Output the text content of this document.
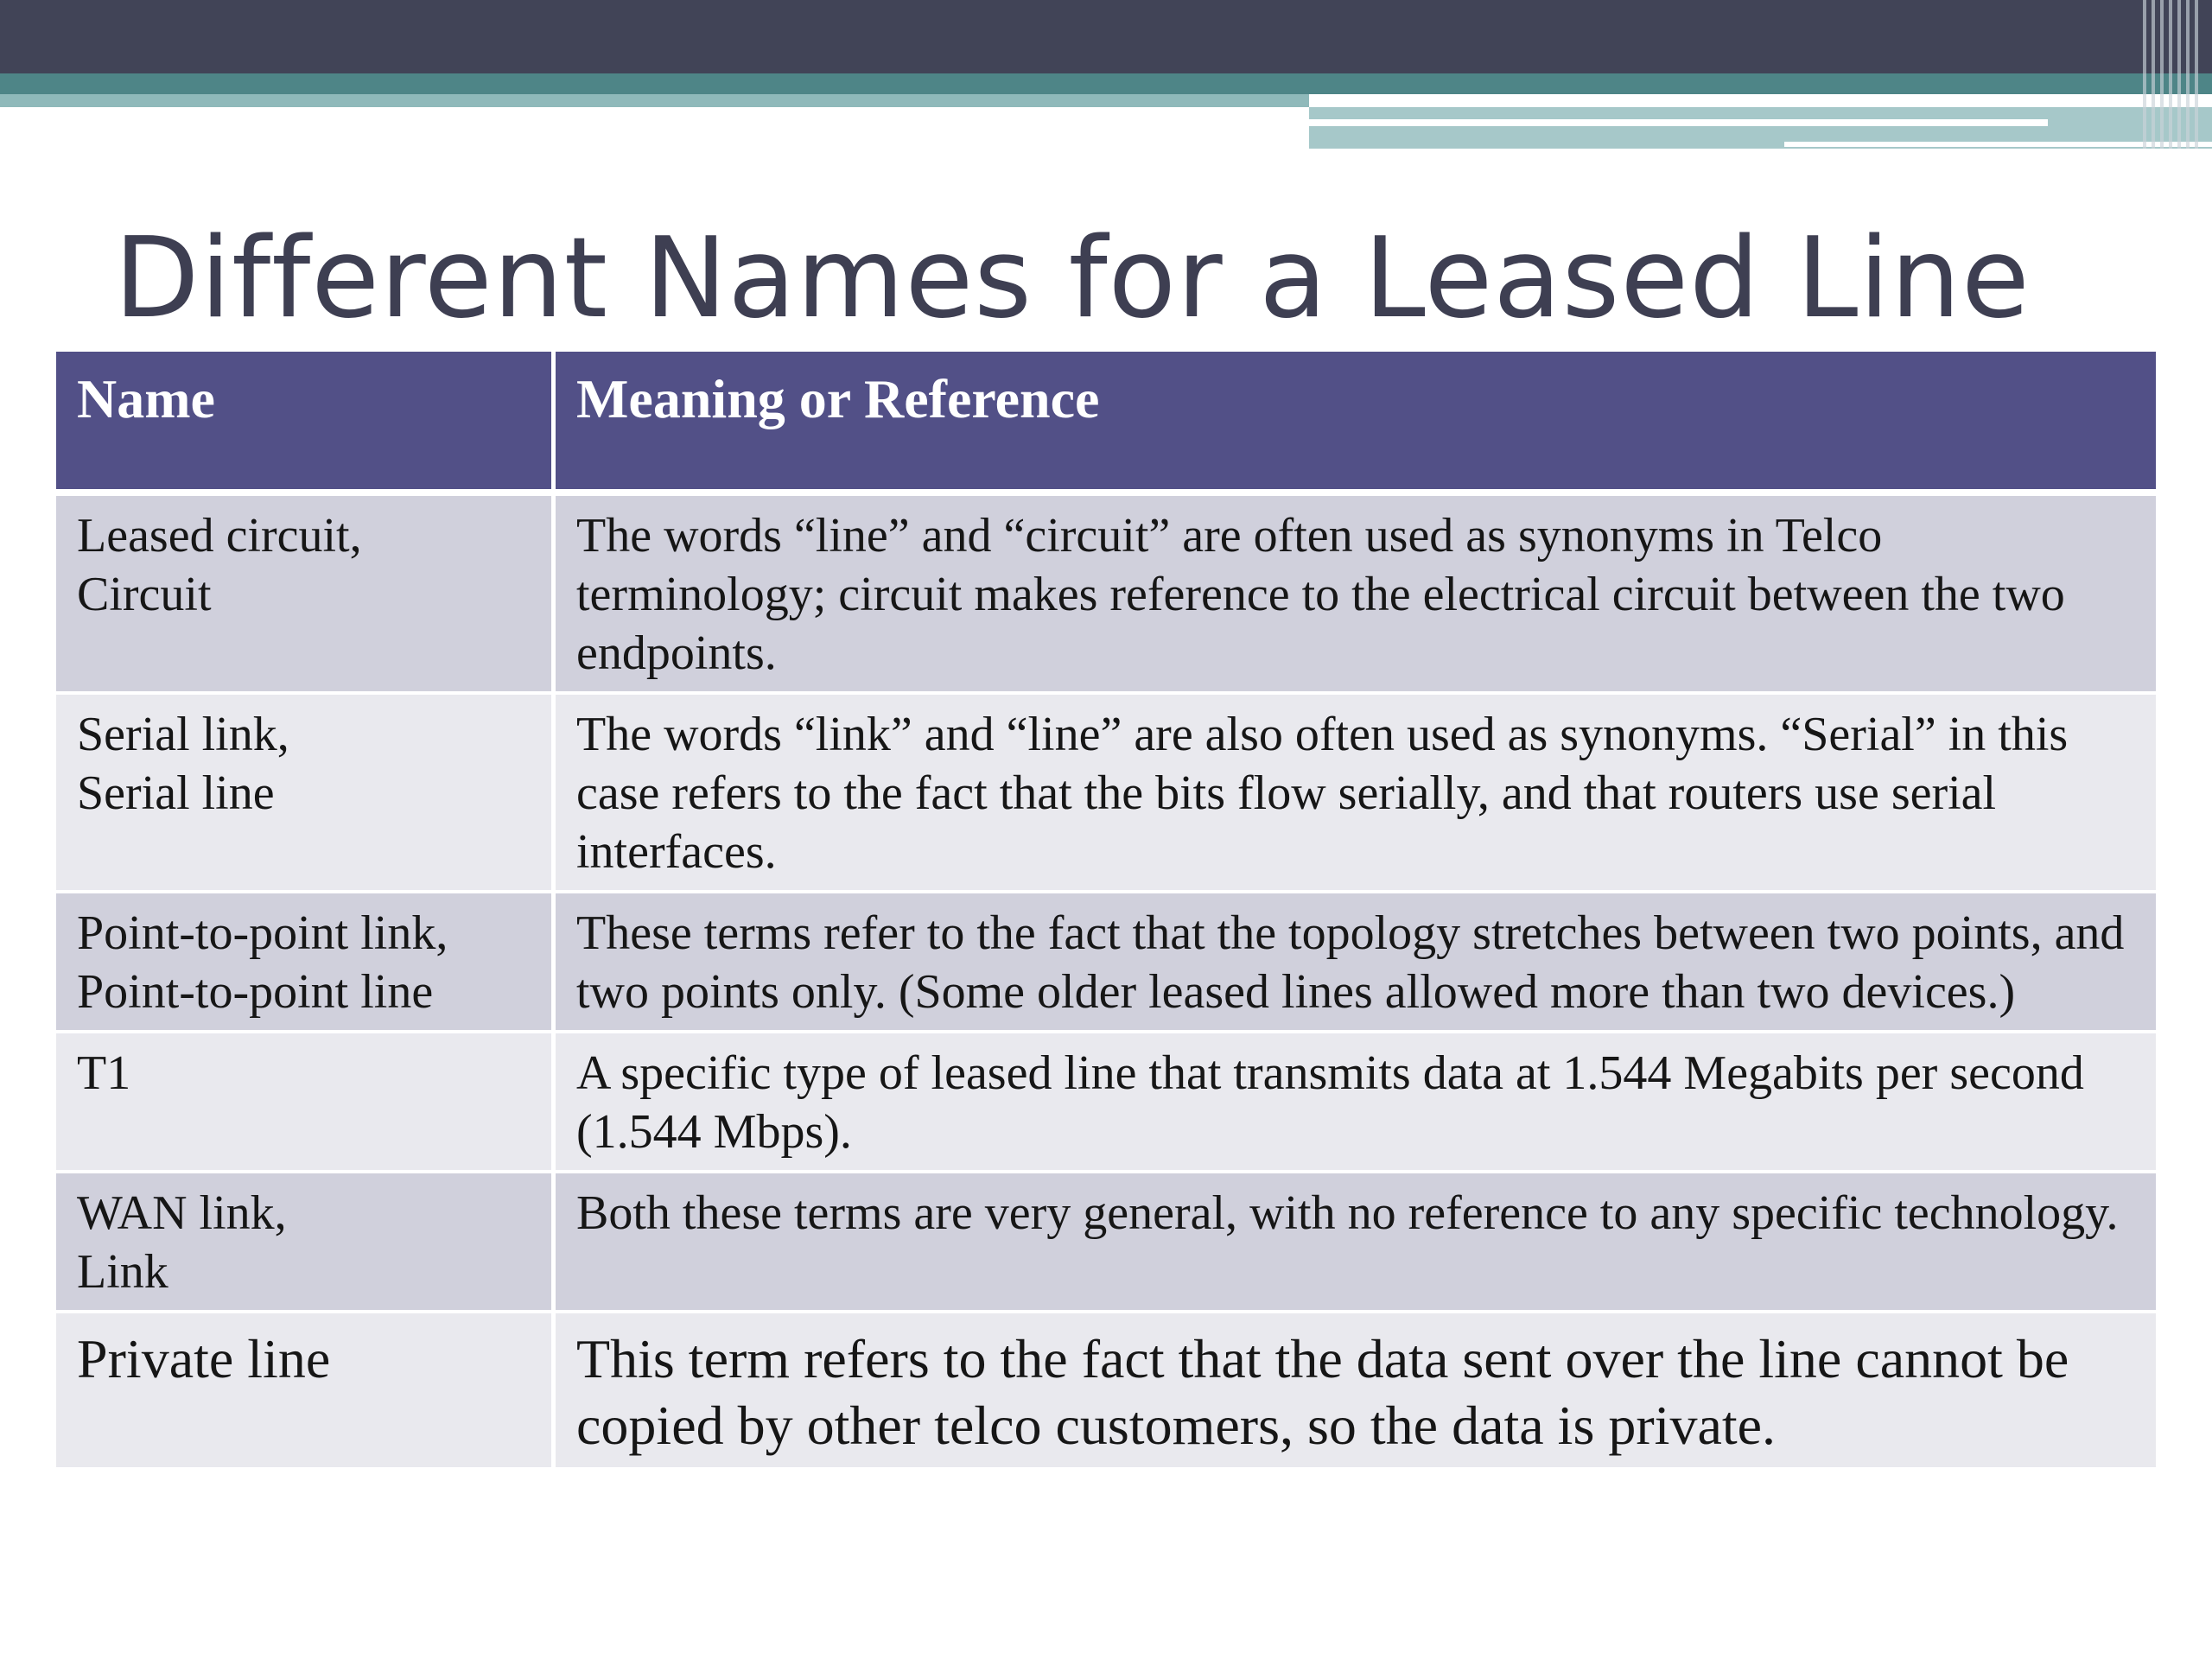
Different Names for a Leased Line
Name	Meaning or Reference

Leased circuit,
Circuit	The words “line” and “circuit” are often used as synonyms in Telco terminology; circuit makes reference to the electrical circuit between the two endpoints.

Serial link,
Serial line	The words “link” and “line” are also often used as synonyms. “Serial” in this case refers to the fact that the bits flow serially, and that routers use serial interfaces.

Point-to-point link,
Point-to-point line	These terms refer to the fact that the topology stretches between two points, and two points only. (Some older leased lines allowed more than two devices.)

T1	A specific type of leased line that transmits data at 1.544 Megabits per second (1.544 Mbps).

WAN link,
Link	Both these terms are very general, with no reference to any specific technology.

Private line	This term refers to the fact that the data sent over the line cannot be copied by other telco customers, so the data is private.
